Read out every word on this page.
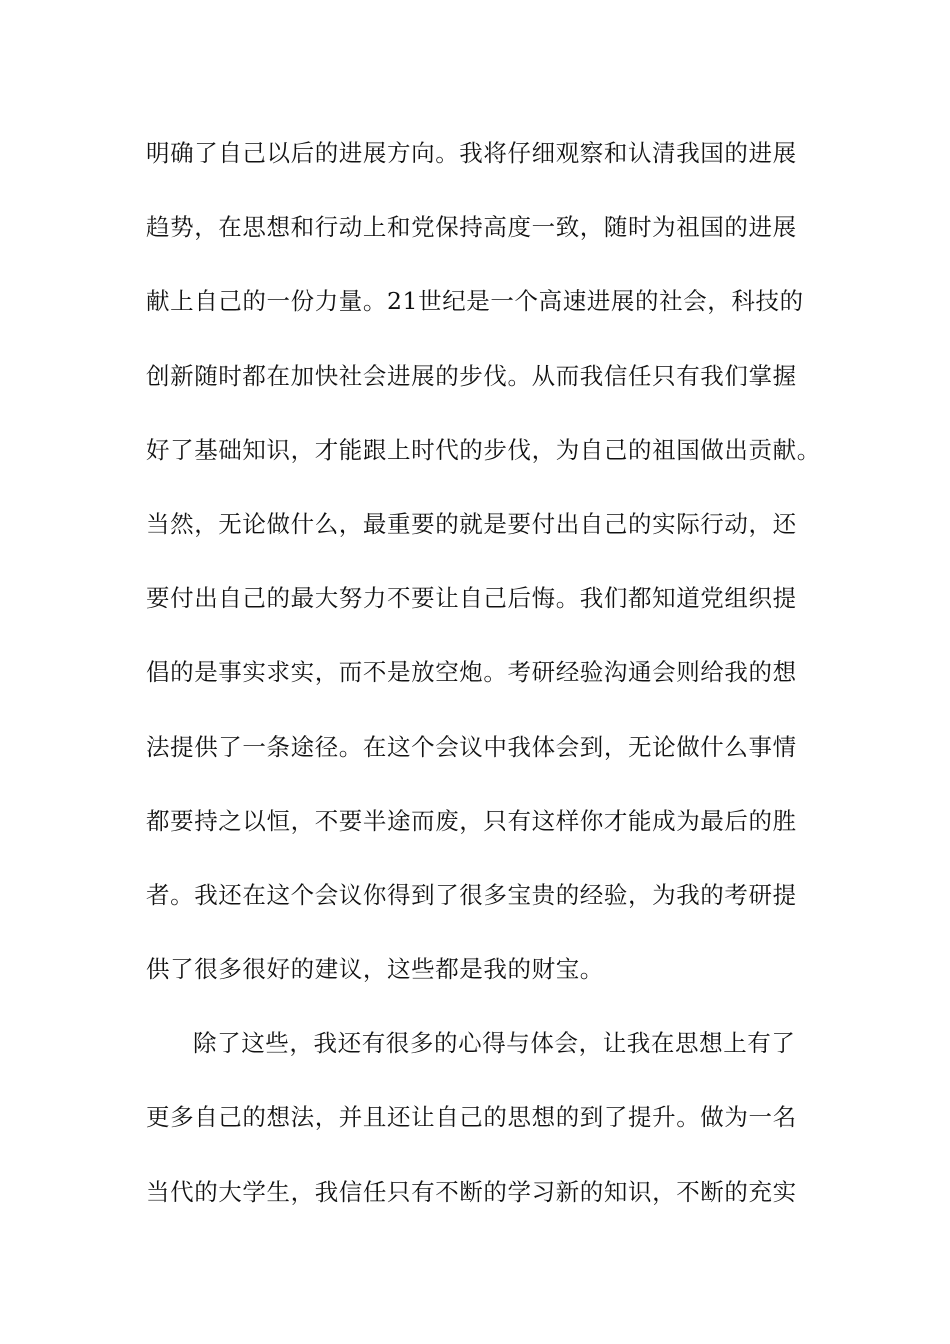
明确了自己以后的进展方向。我将仔细观察和认清我国的进展
趋势，在思想和行动上和党保持高度一致，随时为祖国的进展
献上自己的一份力量。21世纪是一个高速进展的社会，科技的
创新随时都在加快社会进展的步伐。从而我信任只有我们掌握
好了基础知识，才能跟上时代的步伐，为自己的祖国做出贡献。
当然，无论做什么，最重要的就是要付出自己的实际行动，还
要付出自己的最大努力不要让自己后悔。我们都知道党组织提
倡的是事实求实，而不是放空炮。考研经验沟通会则给我的想
法提供了一条途径。在这个会议中我体会到，无论做什么事情
都要持之以恒，不要半途而废，只有这样你才能成为最后的胜
者。我还在这个会议你得到了很多宝贵的经验，为我的考研提
供了很多很好的建议，这些都是我的财宝。
除了这些，我还有很多的心得与体会，让我在思想上有了
更多自己的想法，并且还让自己的思想的到了提升。做为一名
当代的大学生，我信任只有不断的学习新的知识，不断的充实
